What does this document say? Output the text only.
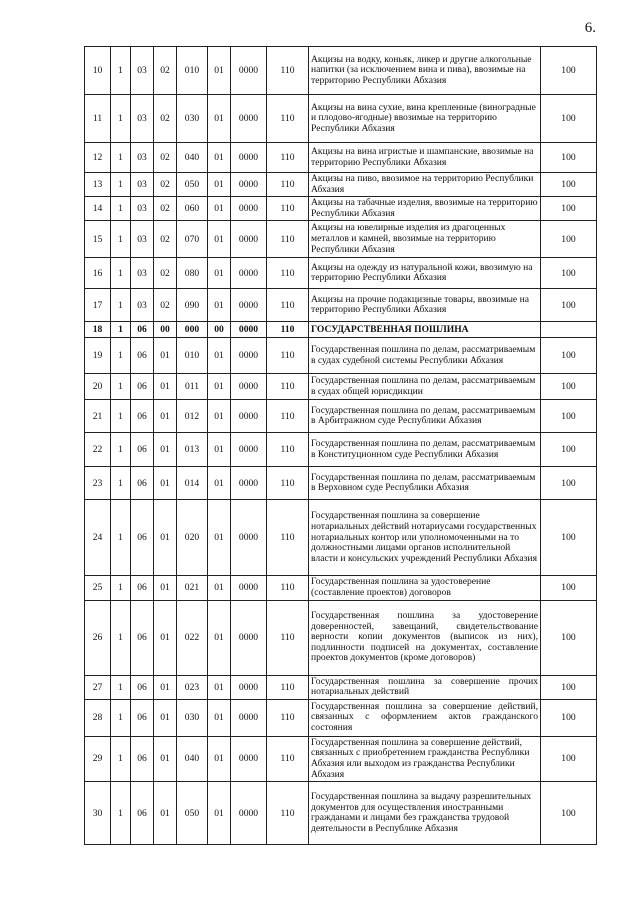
6.
10	1	03	02	010	01	0000	110	Акцизы на водку, коньяк, ликер и другие алкогольные напитки (за исключением вина и пива), ввозимые на территорию Республики Абхазия	100
11	1	03	02	030	01	0000	110	Акцизы на вина сухие, вина крепленные (виноградные и плодово-ягодные) ввозимые на территорию Республики Абхазия	100
12	1	03	02	040	01	0000	110	Акцизы на вина игристые и шампанские, ввозимые на территорию Республики Абхазия	100
13	1	03	02	050	01	0000	110	Акцизы на пиво, ввозимое на территорию Республики Абхазия	100
14	1	03	02	060	01	0000	110	Акцизы на табачные изделия, ввозимые на территорию Республики Абхазия	100
15	1	03	02	070	01	0000	110	Акцизы на ювелирные изделия из драгоценных металлов и камней, ввозимые на территорию Республики Абхазия	100
16	1	03	02	080	01	0000	110	Акцизы на одежду из натуральной кожи, ввозимую на территорию Республики Абхазия	100
17	1	03	02	090	01	0000	110	Акцизы на прочие подакцизные товары, ввозимые на территорию Республики Абхазия	100
18	1	06	00	000	00	0000	110	ГОСУДАРСТВЕННАЯ ПОШЛИНА	
19	1	06	01	010	01	0000	110	Государственная пошлина по делам, рассматриваемым в судах судебной системы Республики Абхазия	100
20	1	06	01	011	01	0000	110	Государственная пошлина по делам, рассматриваемым в судах общей юрисдикции	100
21	1	06	01	012	01	0000	110	Государственная пошлина по делам, рассматриваемым в Арбитражном суде Республики Абхазия	100
22	1	06	01	013	01	0000	110	Государственная пошлина по делам, рассматриваемым в Конституционном суде Республики Абхазия	100
23	1	06	01	014	01	0000	110	Государственная пошлина по делам, рассматриваемым в Верховном суде Республики Абхазия	100
24	1	06	01	020	01	0000	110	Государственная пошлина за совершение нотариальных действий нотариусами государственных нотариальных контор или уполномоченными на то должностными лицами органов исполнительной власти и консульских учреждений Республики Абхазия	100
25	1	06	01	021	01	0000	110	Государственная пошлина за удостоверение (составление проектов) договоров	100
26	1	06	01	022	01	0000	110	Государственная пошлина за удостоверение доверенностей, завещаний, свидетельствование верности копии документов (выписок из них), подлинности подписей на документах, составление проектов документов (кроме договоров)	100
27	1	06	01	023	01	0000	110	Государственная пошлина за совершение прочих нотариальных действий	100
28	1	06	01	030	01	0000	110	Государственная пошлина за совершение действий, связанных с оформлением актов гражданского состояния	100
29	1	06	01	040	01	0000	110	Государственная пошлина за совершение действий, связанных с приобретением гражданства Республики Абхазия или выходом из гражданства Республики Абхазия	100
30	1	06	01	050	01	0000	110	Государственная пошлина за выдачу разрешительных документов для осуществления иностранными гражданами и лицами без гражданства трудовой деятельности в Республике Абхазия	100
